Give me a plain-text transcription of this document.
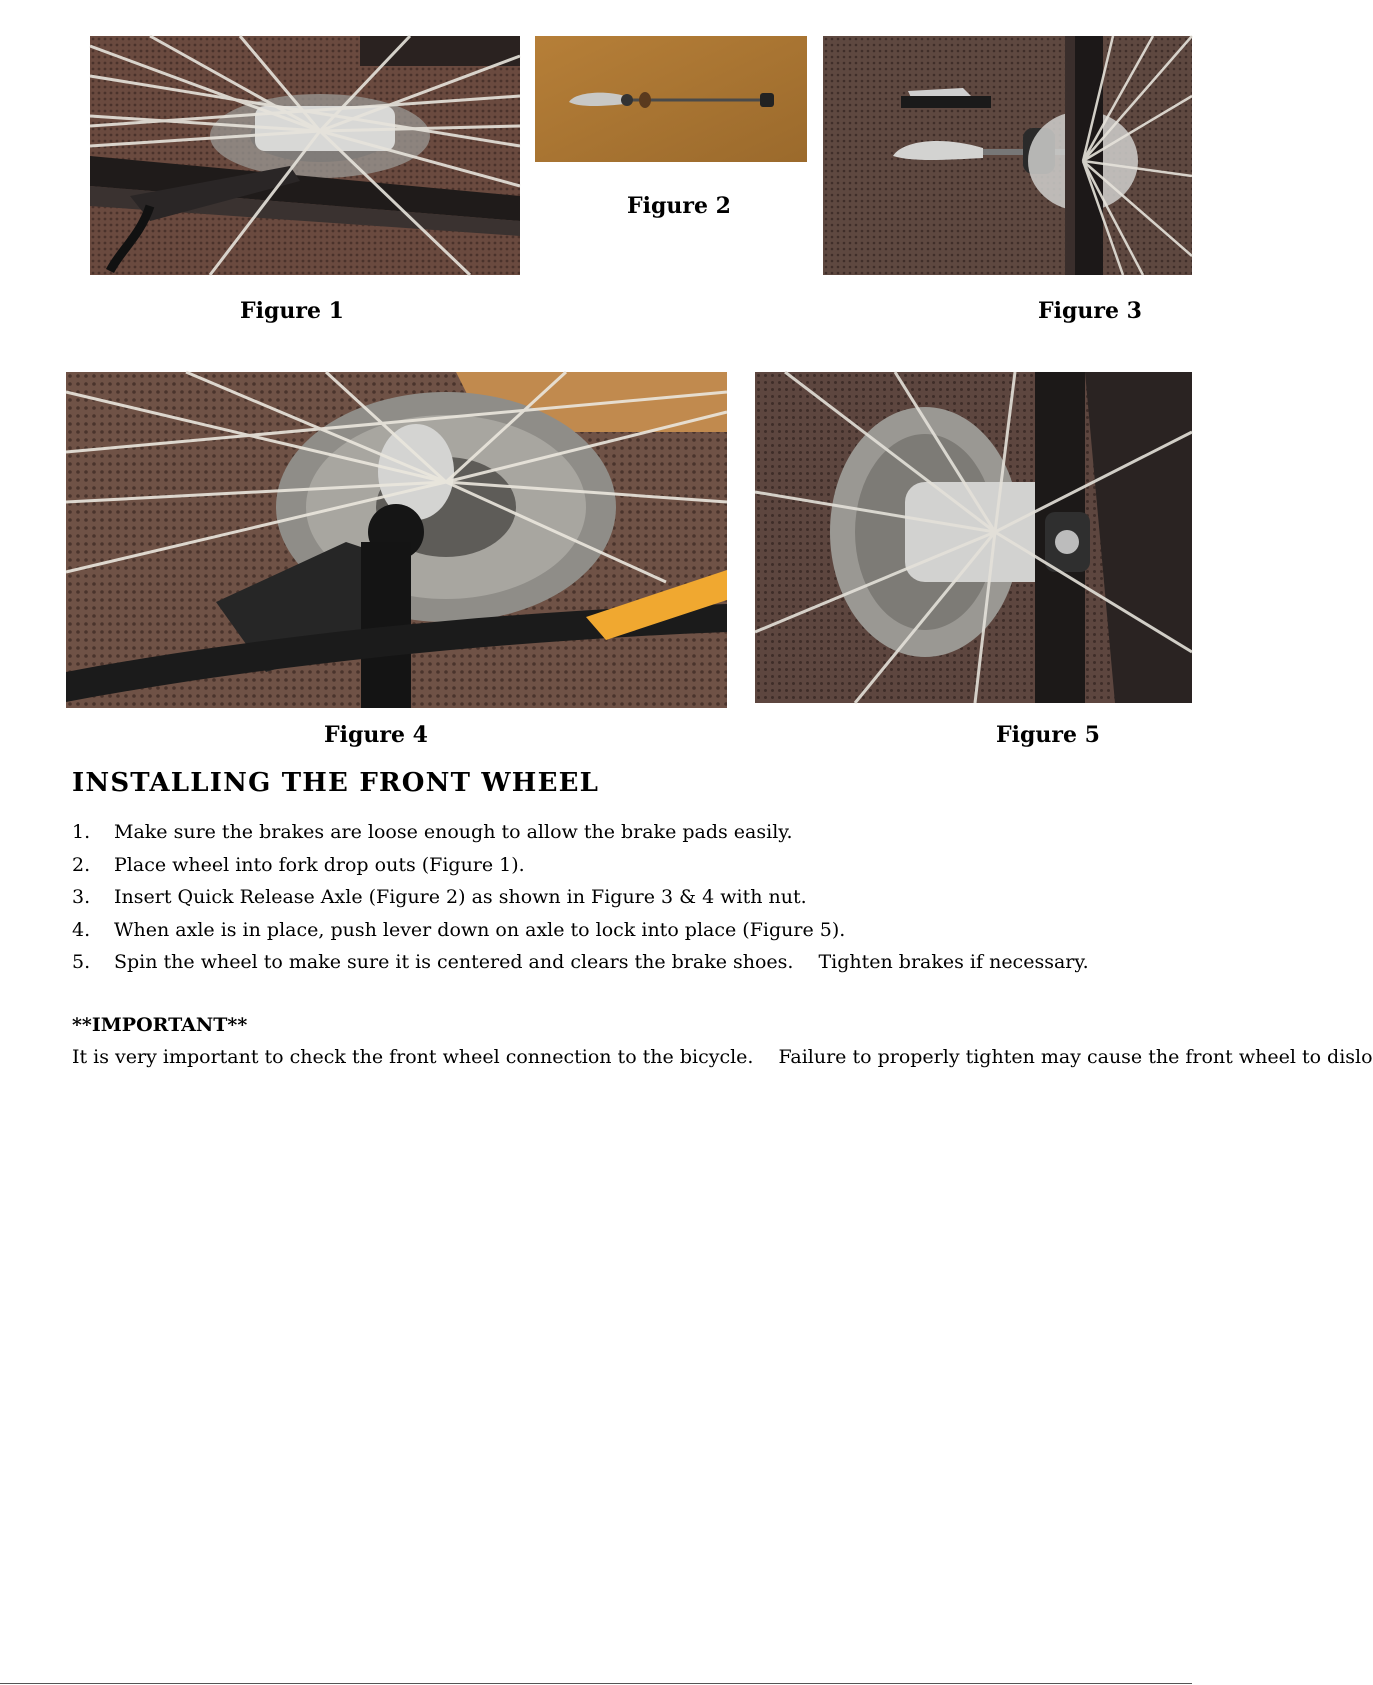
Figure 1
Figure 2
Figure 3
Figure 4	Figure 5
INSTALLING THE FRONT WHEEL
1. Make sure the brakes are loose enough to allow the brake pads easily.
2. Place wheel into fork drop outs (Figure 1).
3. Insert Quick Release Axle (Figure 2) as shown in Figure 3 & 4 with nut.
4. When axle is in place, push lever down on axle to lock into place (Figure 5).
5. Spin the wheel to make sure it is centered and clears the brake shoes.  Tighten brakes if necessary.
**IMPORTANT**
It is very important to check the front wheel connection to the bicycle.  Failure to properly tighten may cause the front wheel to dislo
